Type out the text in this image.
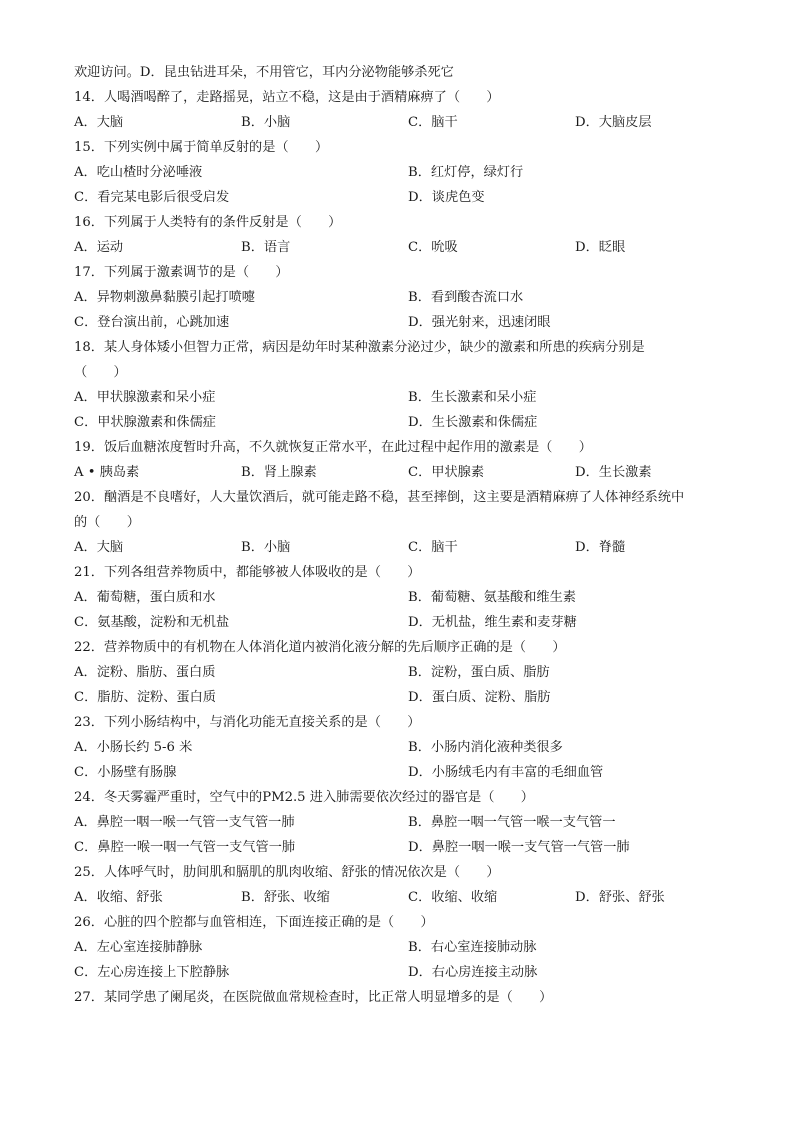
欢迎访问。D．昆虫钻进耳朵，不用管它，耳内分泌物能够杀死它
14．人喝酒喝醉了，走路摇晃，站立不稳，这是由于酒精麻痹了（　　）
A．大脑	B．小脑	C．脑干	D．大脑皮层
15．下列实例中属于简单反射的是（　　）
A．吃山楂时分泌唾液	B．红灯停，绿灯行
C．看完某电影后很受启发	D．谈虎色变
16．下列属于人类特有的条件反射是（　　）
A．运动	B．语言	C．吮吸	D．眨眼
17．下列属于激素调节的是（　　）
A．异物刺激鼻黏膜引起打喷嚏	B．看到酸杏流口水
C．登台演出前，心跳加速	D．强光射来，迅速闭眼
18．某人身体矮小但智力正常，病因是幼年时某种激素分泌过少，缺少的激素和所患的疾病分别是
（　　）
A．甲状腺激素和呆小症	B．生长激素和呆小症
C．甲状腺激素和侏儒症	D．生长激素和侏儒症
19．饭后血糖浓度暂时升高，不久就恢复正常水平，在此过程中起作用的激素是（　　）
A • 胰岛素	B．肾上腺素	C．甲状腺素	D．生长激素
20．酗酒是不良嗜好，人大量饮酒后，就可能走路不稳，甚至摔倒，这主要是酒精麻痹了人体神经系统中
的（　　）
A．大脑	B．小脑	C．脑干	D．脊髓
21．下列各组营养物质中，都能够被人体吸收的是（　　）
A．葡萄糖，蛋白质和水	B．葡萄糖、氨基酸和维生素
C．氨基酸，淀粉和无机盐	D．无机盐，维生素和麦芽糖
22．营养物质中的有机物在人体消化道内被消化液分解的先后顺序正确的是（　　）
A．淀粉、脂肪、蛋白质	B．淀粉，蛋白质、脂肪
C．脂肪、淀粉、蛋白质	D．蛋白质、淀粉、脂肪
23．下列小肠结构中，与消化功能无直接关系的是（　　）
A．小肠长约 5-6 米	B．小肠内消化液种类很多
C．小肠壁有肠腺	D．小肠绒毛内有丰富的毛细血管
24．冬天雾霾严重时，空气中的PM2.5 进入肺需要依次经过的器官是（　　）
A．鼻腔一咽一喉一气管一支气管一肺	B．鼻腔一咽一气管一喉一支气管一
C．鼻腔一喉一咽一气管一支气管一肺	D．鼻腔一咽一喉一支气管一气管一肺
25．人体呼气时，肋间肌和膈肌的肌肉收缩、舒张的情况依次是（　　）
A．收缩、舒张	B．舒张、收缩	C．收缩、收缩	D．舒张、舒张
26．心脏的四个腔都与血管相连，下面连接正确的是（　　）
A．左心室连接肺静脉	B．右心室连接肺动脉
C．左心房连接上下腔静脉	D．右心房连接主动脉
27．某同学患了阑尾炎，在医院做血常规检查时，比正常人明显增多的是（　　）
